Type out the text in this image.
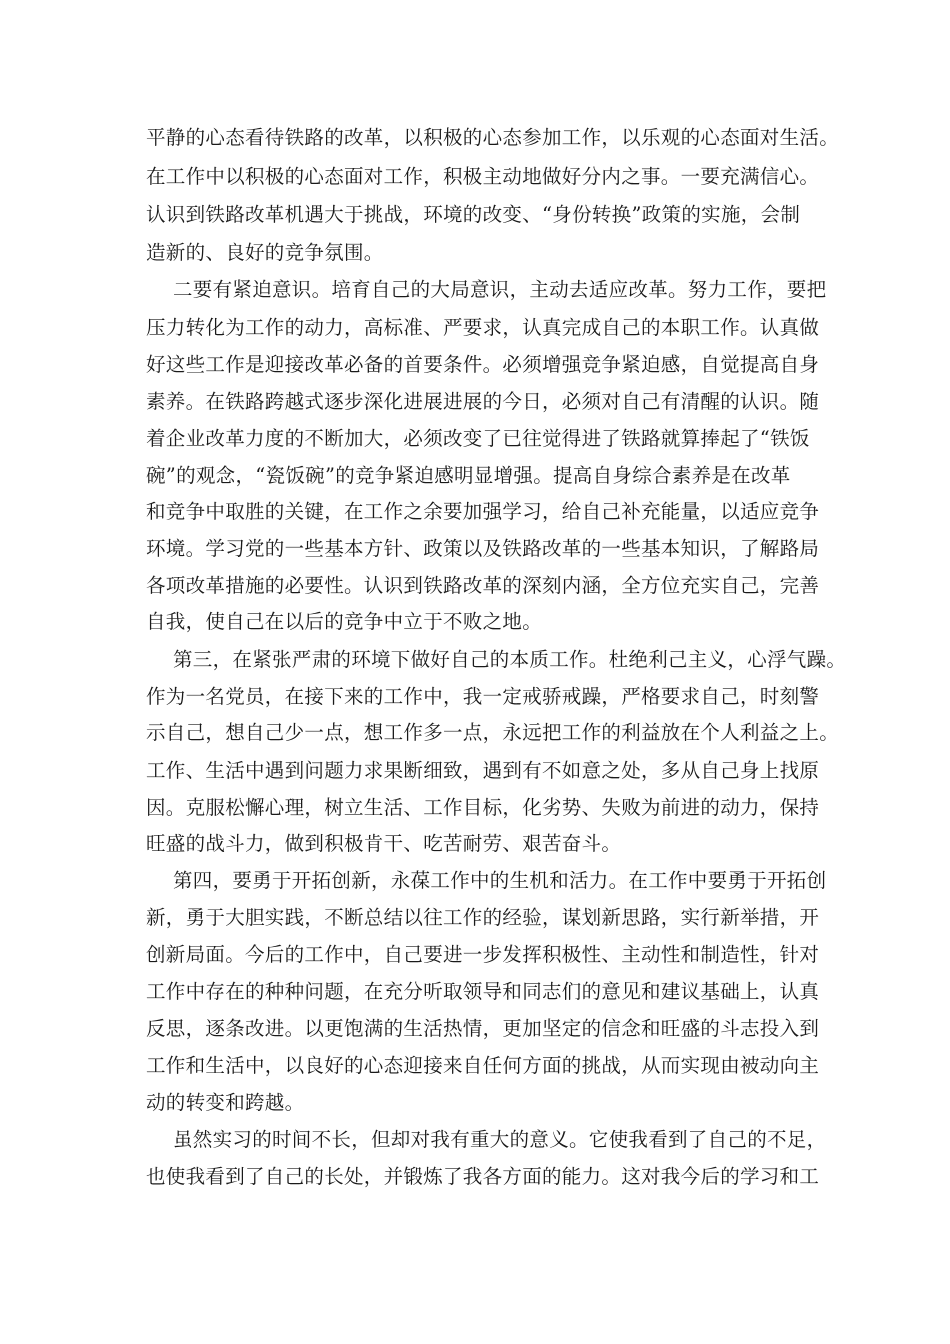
平静的心态看待铁路的改革，以积极的心态参加工作，以乐观的心态面对生活。
在工作中以积极的心态面对工作，积极主动地做好分内之事。一要充满信心。
认识到铁路改革机遇大于挑战，环境的改变、“身份转换”政策的实施，会制
造新的、良好的竞争氛围。
二要有紧迫意识。培育自己的大局意识，主动去适应改革。努力工作，要把
压力转化为工作的动力，高标准、严要求，认真完成自己的本职工作。认真做
好这些工作是迎接改革必备的首要条件。必须增强竞争紧迫感，自觉提高自身
素养。在铁路跨越式逐步深化进展进展的今日，必须对自己有清醒的认识。随
着企业改革力度的不断加大，必须改变了已往觉得进了铁路就算捧起了“铁饭
碗”的观念，“瓷饭碗”的竞争紧迫感明显增强。提高自身综合素养是在改革
和竞争中取胜的关键，在工作之余要加强学习，给自己补充能量，以适应竞争
环境。学习党的一些基本方针、政策以及铁路改革的一些基本知识，了解路局
各项改革措施的必要性。认识到铁路改革的深刻内涵，全方位充实自己，完善
自我，使自己在以后的竞争中立于不败之地。
第三，在紧张严肃的环境下做好自己的本质工作。杜绝利己主义，心浮气躁。
作为一名党员，在接下来的工作中，我一定戒骄戒躁，严格要求自己，时刻警
示自己，想自己少一点，想工作多一点，永远把工作的利益放在个人利益之上。
工作、生活中遇到问题力求果断细致，遇到有不如意之处，多从自己身上找原
因。克服松懈心理，树立生活、工作目标，化劣势、失败为前进的动力，保持
旺盛的战斗力，做到积极肯干、吃苦耐劳、艰苦奋斗。
第四，要勇于开拓创新，永葆工作中的生机和活力。在工作中要勇于开拓创
新，勇于大胆实践，不断总结以往工作的经验，谋划新思路，实行新举措，开
创新局面。今后的工作中，自己要进一步发挥积极性、主动性和制造性，针对
工作中存在的种种问题，在充分听取领导和同志们的意见和建议基础上，认真
反思，逐条改进。以更饱满的生活热情，更加坚定的信念和旺盛的斗志投入到
工作和生活中，以良好的心态迎接来自任何方面的挑战，从而实现由被动向主
动的转变和跨越。
虽然实习的时间不长，但却对我有重大的意义。它使我看到了自己的不足，
也使我看到了自己的长处，并锻炼了我各方面的能力。这对我今后的学习和工
